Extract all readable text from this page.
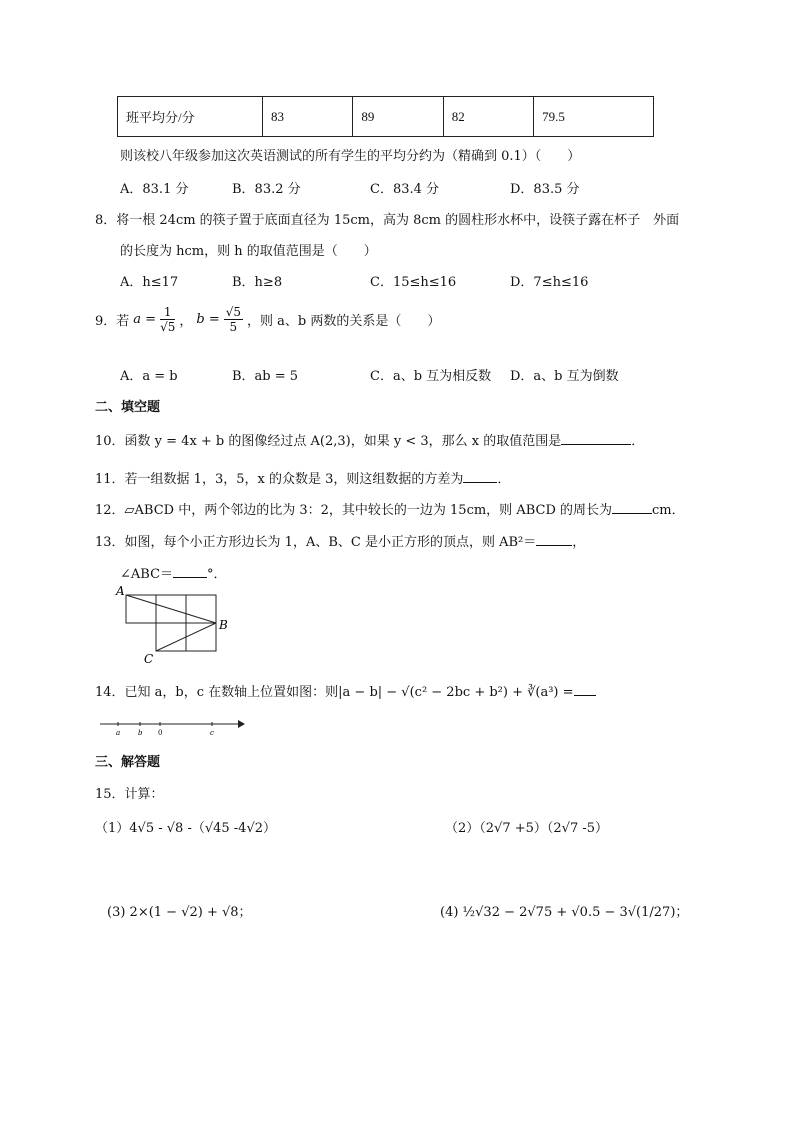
班平均分/分	83	89	82	79.5
则该校八年级参加这次英语测试的所有学生的平均分约为（精确到 0.1）（　　）
A．83.1 分	B．83.2 分	C．83.4 分	D．83.5 分
8．将一根 24cm 的筷子置于底面直径为 15cm，高为 8cm 的圆柱形水杯中，设筷子露在杯子　外面
的长度为 hcm，则 h 的取值范围是（　　）
A．h≤17	B．h≥8	C．15≤h≤16	D．7≤h≤16
9．若 $a = \frac{1}{√5}$ ， $b = \frac{√5}{5}$ ，则 a、b 两数的关系是（　　）
A．a = b	B．ab = 5	C．a、b 互为相反数 D．a、b 互为倒数
二、填空题
10．函数 y = 4x + b 的图像经过点 A(2,3)，如果 y < 3，那么 x 的取值范围是	．
11．若一组数据 1，3，5，x 的众数是 3，则这组数据的方差为	．
12．▱ABCD 中，两个邻边的比为 3：2，其中较长的一边为 15cm，则 ABCD 的周长为	cm．
13．如图，每个小正方形边长为 1，A、B、C 是小正方形的顶点，则 AB²＝	，
∠ABC＝	°．
A
B
C
14．已知 a，b，c 在数轴上位置如图：则|a − b| − √(c² − 2bc + b²) + ∛(a³) =
a	b 0	c
三、解答题
15．计算：
（1）4√5 - √8 -（√45 -4√2）	（2）（2√7 +5）（2√7 -5）
(3) 2×(1 − √2) + √8；	(4) ½√32 − 2√75 + √0.5 − 3√(1/27)；
